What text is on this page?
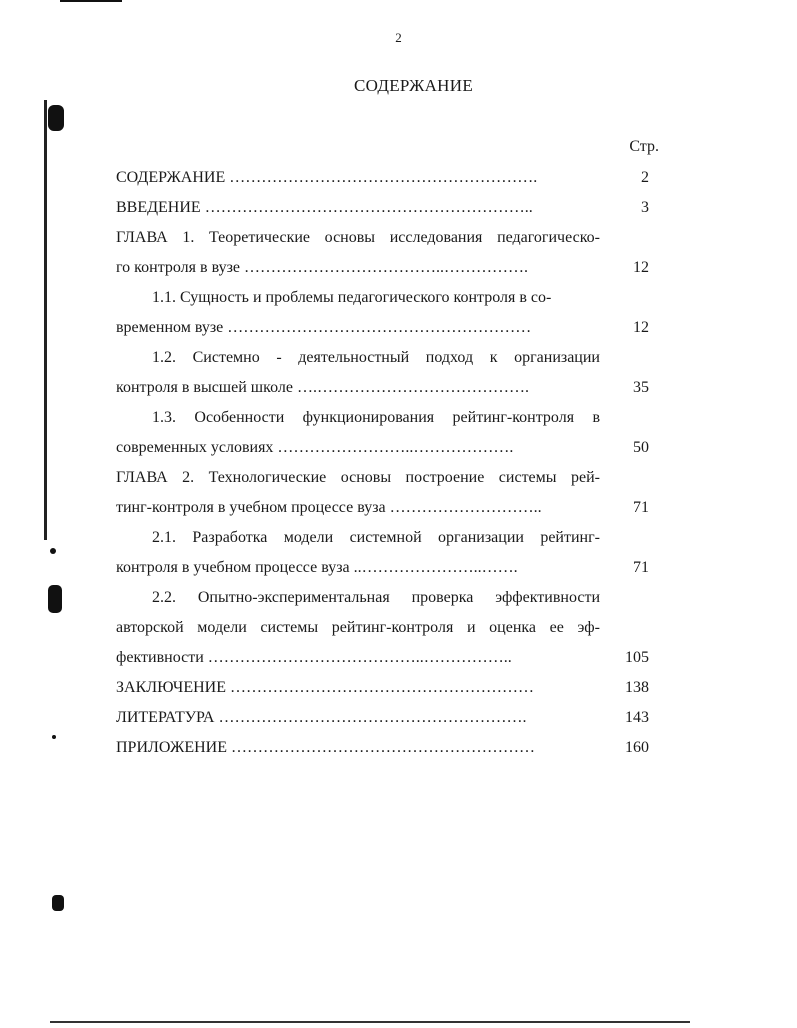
2
СОДЕРЖАНИЕ
Стр.
СОДЕРЖАНИЕ ………………………………………………….	2
ВВЕДЕНИЕ ……………………………………………………..	3
ГЛАВА 1. Теоретические основы исследования педагогическо-
го контроля в вузе ………………………………..…………….	12
1.1. Сущность и проблемы педагогического контроля в со-
временном вузе …………………………………………………	12
1.2. Системно - деятельностный подход к организации
контроля в высшей школе ….………………………………….	35
1.3. Особенности функционирования рейтинг-контроля в
современных условиях ……………………..……………….	50
ГЛАВА 2. Технологические основы построение системы рей-
тинг-контроля в учебном процессе вуза ………………………..	71
2.1. Разработка модели системной организации рейтинг-
контроля в учебном процессе вуза ..…………………..…….	71
2.2. Опытно-экспериментальная проверка эффективности
авторской модели системы рейтинг-контроля и оценка ее эф-
фективности …………………………………..……………..	105
ЗАКЛЮЧЕНИЕ …………………………………………………	138
ЛИТЕРАТУРА ………………………………………………….	143
ПРИЛОЖЕНИЕ …………………………………………………	160
